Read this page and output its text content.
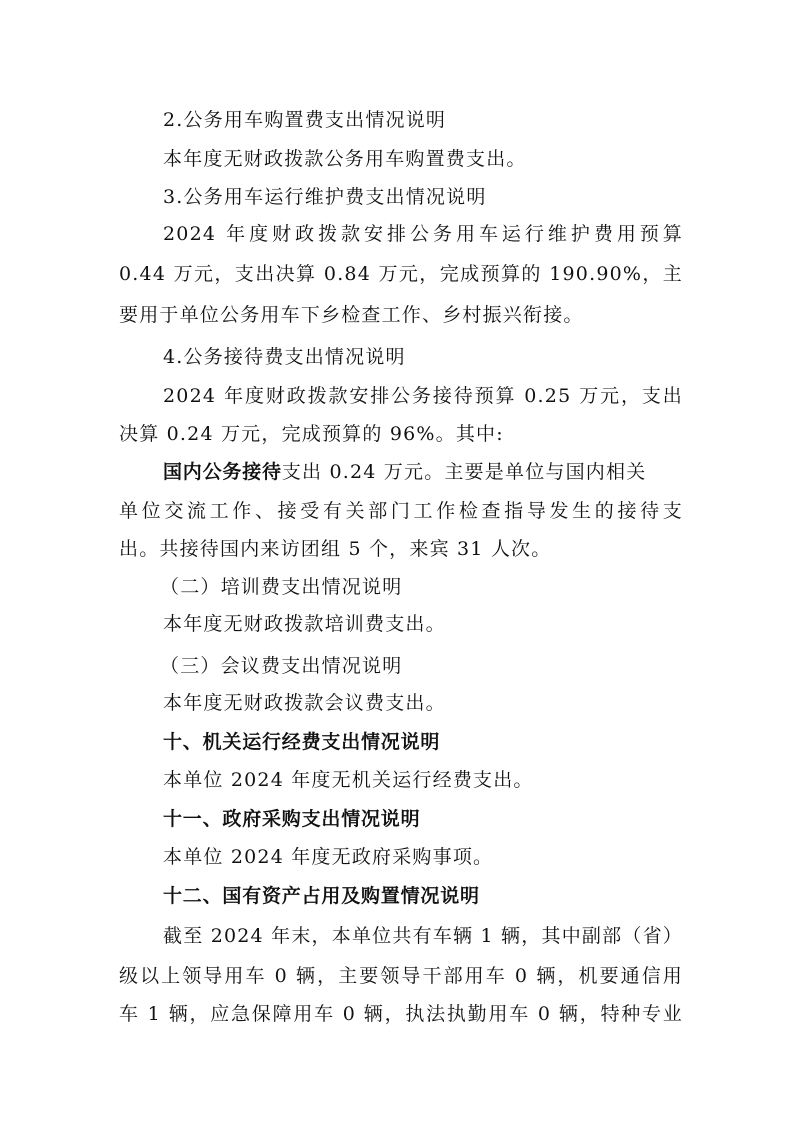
2.公务用车购置费支出情况说明
本年度无财政拨款公务用车购置费支出。
3.公务用车运行维护费支出情况说明
2024 年度财政拨款安排公务用车运行维护费用预算
0.44 万元，支出决算 0.84 万元，完成预算的 190.90%，主
要用于单位公务用车下乡检查工作、乡村振兴衔接。
4.公务接待费支出情况说明
2024 年度财政拨款安排公务接待预算 0.25 万元，支出
决算 0.24 万元，完成预算的 96%。其中:
国内公务接待支出 0.24 万元。主要是单位与国内相关
单位交流工作、接受有关部门工作检查指导发生的接待支
出。共接待国内来访团组 5 个，来宾 31 人次。
（二）培训费支出情况说明
本年度无财政拨款培训费支出。
（三）会议费支出情况说明
本年度无财政拨款会议费支出。
十、机关运行经费支出情况说明
本单位 2024 年度无机关运行经费支出。
十一、政府采购支出情况说明
本单位 2024 年度无政府采购事项。
十二、国有资产占用及购置情况说明
截至 2024 年末，本单位共有车辆 1 辆，其中副部（省）
级以上领导用车 0 辆，主要领导干部用车 0 辆，机要通信用
车 1 辆，应急保障用车 0 辆，执法执勤用车 0 辆，特种专业
